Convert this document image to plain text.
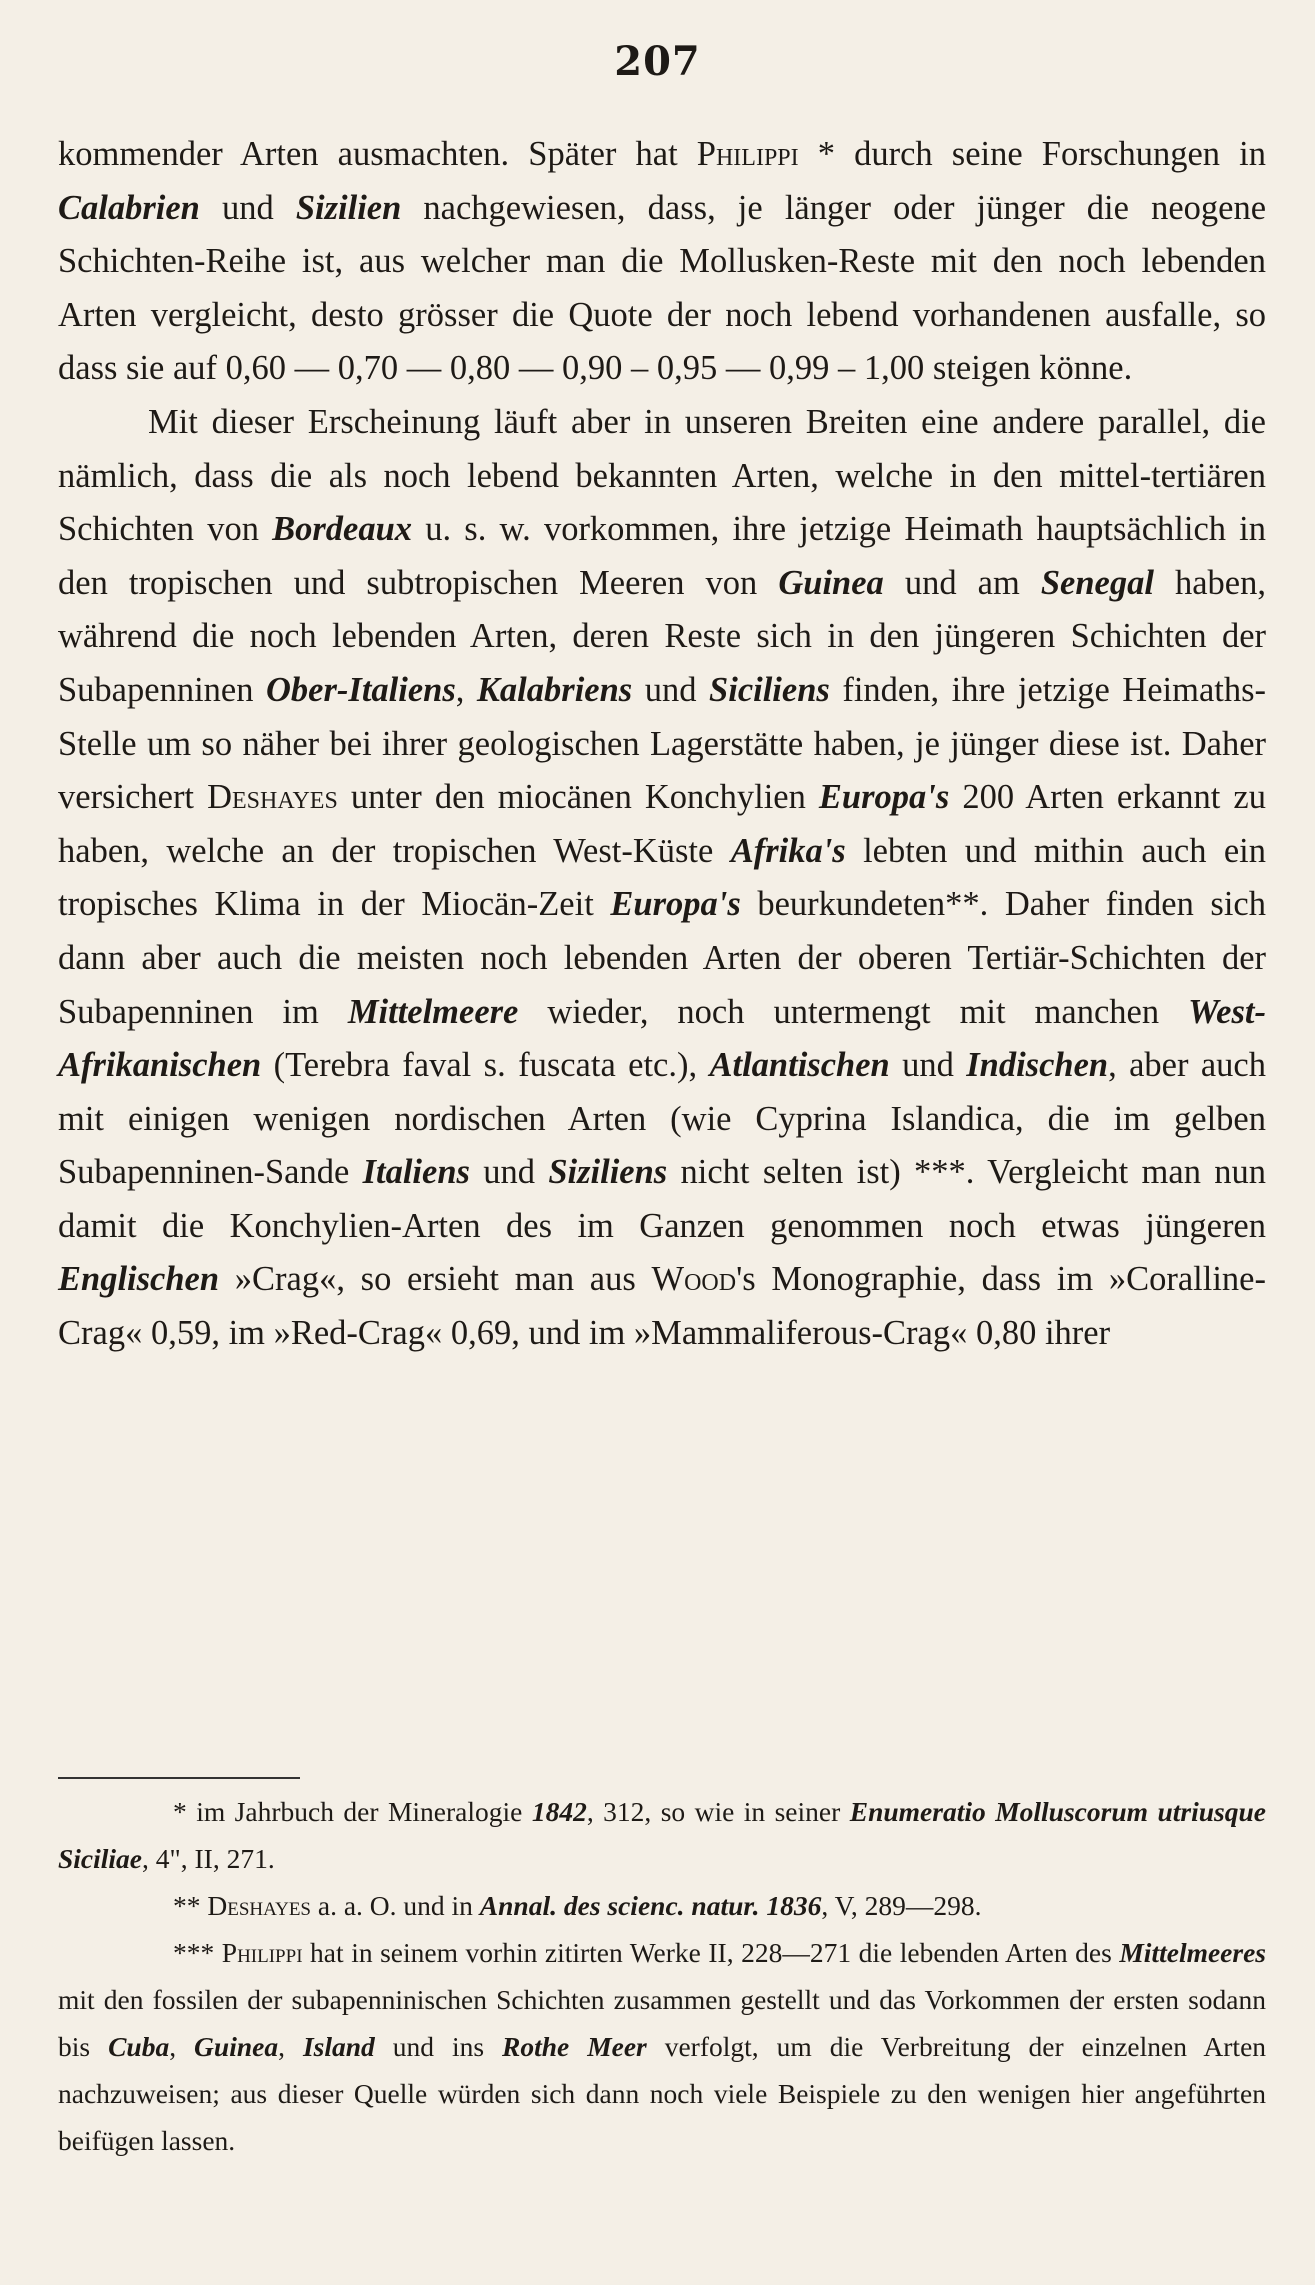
207

kommender Arten ausmachten. Später hat Philippi * durch seine Forschungen in Calabrien und Sizilien nachgewiesen, dass, je länger oder jünger die neogene Schichten-Reihe ist, aus welcher man die Mollusken-Reste mit den noch lebenden Arten vergleicht, desto grösser die Quote der noch lebend vorhandenen ausfalle, so dass sie auf 0,60 — 0,70 — 0,80 — 0,90 – 0,95 — 0,99 – 1,00 steigen könne.

Mit dieser Erscheinung läuft aber in unseren Breiten eine andere parallel, die nämlich, dass die als noch lebend bekannten Arten, welche in den mittel-tertiären Schichten von Bordeaux u. s. w. vorkommen, ihre jetzige Heimath hauptsächlich in den tropischen und subtropischen Meeren von Guinea und am Senegal haben, während die noch lebenden Arten, deren Reste sich in den jüngeren Schichten der Subapenninen Ober-Italiens, Kalabriens und Siciliens finden, ihre jetzige Heimaths-Stelle um so näher bei ihrer geologischen Lagerstätte haben, je jünger diese ist. Daher versichert Deshayes unter den miocänen Konchylien Europa's 200 Arten erkannt zu haben, welche an der tropischen West-Küste Afrika's lebten und mithin auch ein tropisches Klima in der Miocän-Zeit Europa's beurkundeten**. Daher finden sich dann aber auch die meisten noch lebenden Arten der oberen Tertiär-Schichten der Subapenninen im Mittelmeere wieder, noch untermengt mit manchen West-Afrikanischen (Terebra faval s. fuscata etc.), Atlantischen und Indischen, aber auch mit einigen wenigen nordischen Arten (wie Cyprina Islandica, die im gelben Subapenninen-Sande Italiens und Siziliens nicht selten ist) ***. Vergleicht man nun damit die Konchylien-Arten des im Ganzen genommen noch etwas jüngeren Englischen »Crag«, so ersieht man aus Wood's Monographie, dass im »Coralline-Crag« 0,59, im »Red-Crag« 0,69, und im »Mammaliferous-Crag« 0,80 ihrer

* im Jahrbuch der Mineralogie 1842, 312, so wie in seiner Enumeratio Molluscorum utriusque Siciliae, 4", II, 271.

** Deshayes a. a. O. und in Annal. des scienc. natur. 1836, V, 289—298.

*** Philippi hat in seinem vorhin zitirten Werke II, 228—271 die lebenden Arten des Mittelmeeres mit den fossilen der subapenninischen Schichten zusammen gestellt und das Vorkommen der ersten sodann bis Cuba, Guinea, Island und ins Rothe Meer verfolgt, um die Verbreitung der einzelnen Arten nachzuweisen; aus dieser Quelle würden sich dann noch viele Beispiele zu den wenigen hier angeführten beifügen lassen.
